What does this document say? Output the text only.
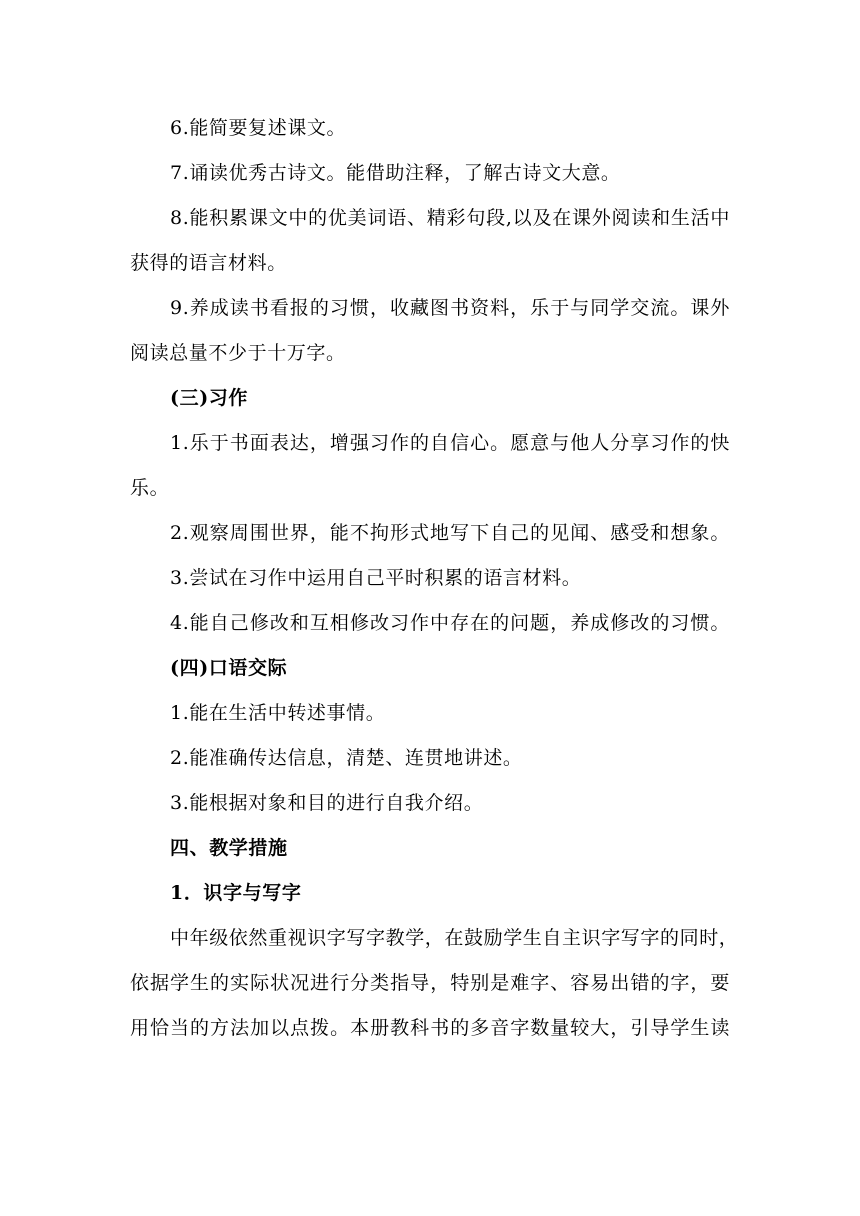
6.能简要复述课文。
7.诵读优秀古诗文。能借助注释，了解古诗文大意。
8.能积累课文中的优美词语、精彩句段,以及在课外阅读和生活中
获得的语言材料。
9.养成读书看报的习惯，收藏图书资料，乐于与同学交流。课外
阅读总量不少于十万字。
(三)习作
1.乐于书面表达，增强习作的自信心。愿意与他人分享习作的快
乐。
2.观察周围世界，能不拘形式地写下自己的见闻、感受和想象。
3.尝试在习作中运用自己平时积累的语言材料。
4.能自己修改和互相修改习作中存在的问题，养成修改的习惯。
(四)口语交际
1.能在生活中转述事情。
2.能准确传达信息，清楚、连贯地讲述。
3.能根据对象和目的进行自我介绍。
四、教学措施
1．识字与写字
中年级依然重视识字写字教学，在鼓励学生自主识字写字的同时，
依据学生的实际状况进行分类指导，特别是难字、容易出错的字，要
用恰当的方法加以点拨。本册教科书的多音字数量较大，引导学生读
